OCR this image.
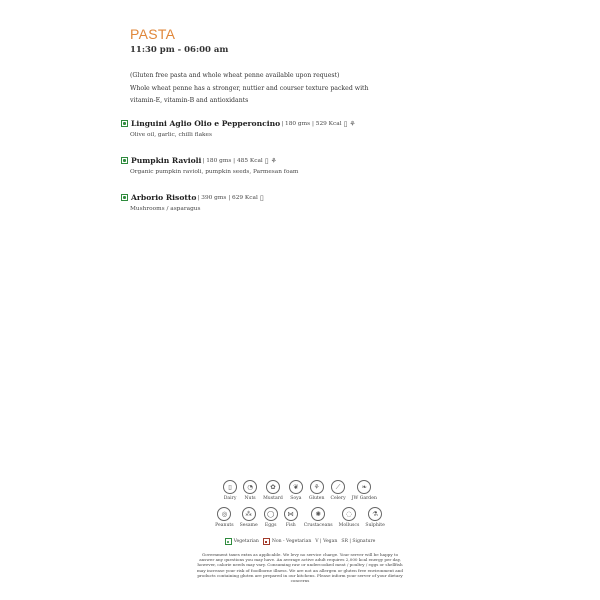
PASTA
11:30 pm - 06:00 am

(Gluten free pasta and whole wheat penne available upon request)

Whole wheat penne has a stronger, nuttier and courser texture packed with

vitamin-E, vitamin-B and antioxidants

Linguini Aglio Olio e Pepperoncino | 180 gms | 529 Kcal ▯ ⚘
Olive oil, garlic, chilli flakes
Pumpkin Ravioli | 180 gms | 485 Kcal ▯ ⚘
Organic pumpkin ravioli, pumpkin seeds, Parmesan foam
Arborio Risotto | 390 gms | 629 Kcal ▯
Mushrooms / asparagus
▯
Dairy
◔
Nuts
✿
Mustard
❦
Soya
⚘
Gluten
⟋
Celery
❧
JW Garden
◎
Peanuts
⁂
Sesame
◯
Eggs
⋈
Fish
✺
Crustaceans
◌
Molluscs
⚗
Sulphite
Vegetarian	Non - Vegetarian V | Vegan SR | Signature
Government taxes extra as applicable. We levy no service charge. Your server will be happy to answer any questions you may have. An average active adult requires 2,000 kcal energy per day, however, calorie needs may vary. Consuming raw or undercooked meat / poultry / eggs or shellfish may increase your risk of foodborne illness. We are not an allergen or gluten free environment and products containing gluten are prepared in our kitchens. Please inform your server of your dietary concerns
